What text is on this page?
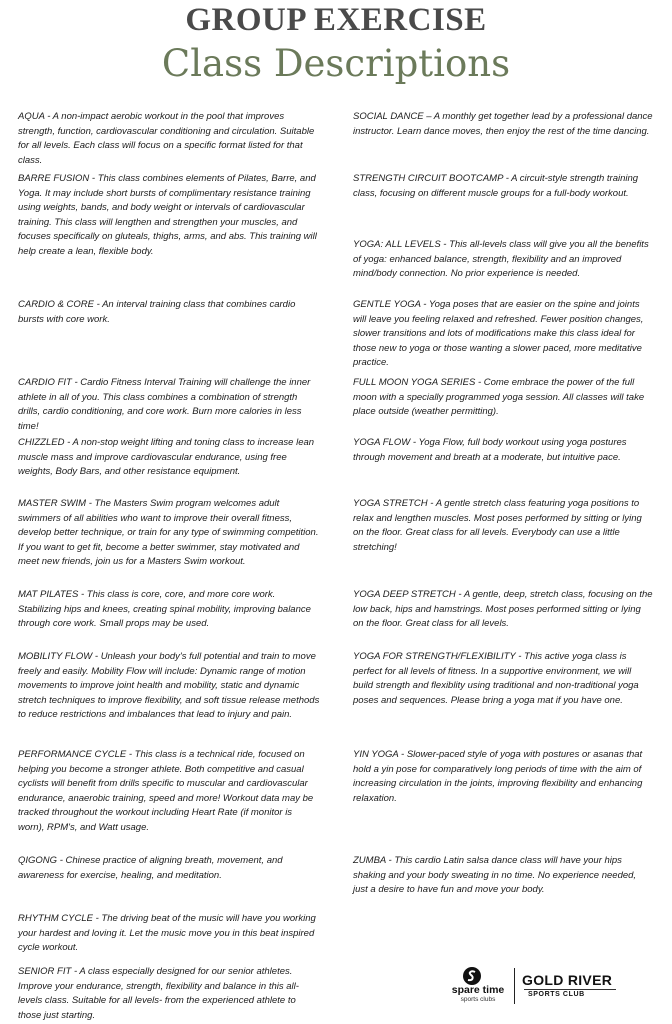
GROUP EXERCISE
Class Descriptions

AQUA - A non-impact aerobic workout in the pool that improves strength, function, cardiovascular conditioning and circulation. Suitable for all levels. Each class will focus on a specific format listed for that class.

BARRE FUSION - This class combines elements of Pilates, Barre, and Yoga. It may include short bursts of complimentary resistance training using weights, bands, and body weight or intervals of cardiovascular training. This class will lengthen and strengthen your muscles, and focuses specifically on gluteals, thighs, arms, and abs. This training will help create a lean, flexible body.

CARDIO & CORE - An interval training class that combines cardio bursts with core work.

CARDIO FIT - Cardio Fitness Interval Training will challenge the inner athlete in all of you. This class combines a combination of strength drills, cardio conditioning, and core work. Burn more calories in less time!

CHIZZLED - A non-stop weight lifting and toning class to increase lean muscle mass and improve cardiovascular endurance, using free weights, Body Bars, and other resistance equipment.

MASTER SWIM - The Masters Swim program welcomes adult swimmers of all abilities who want to improve their overall fitness, develop better technique, or train for any type of swimming competition. If you want to get fit, become a better swimmer, stay motivated and meet new friends, join us for a Masters Swim workout.

MAT PILATES - This class is core, core, and more core work. Stabilizing hips and knees, creating spinal mobility, improving balance through core work. Small props may be used.

MOBILITY FLOW - Unleash your body's full potential and train to move freely and easily. Mobility Flow will include: Dynamic range of motion movements to improve joint health and mobility, static and dynamic stretch techniques to improve flexibility, and soft tissue release methods to reduce restrictions and imbalances that lead to injury and pain.

PERFORMANCE CYCLE - This class is a technical ride, focused on helping you become a stronger athlete. Both competitive and casual cyclists will benefit from drills specific to muscular and cardiovascular endurance, anaerobic training, speed and more! Workout data may be tracked throughout the workout including Heart Rate (if monitor is worn), RPM's, and Watt usage.

QIGONG - Chinese practice of aligning breath, movement, and awareness for exercise, healing, and meditation.

RHYTHM CYCLE - The driving beat of the music will have you working your hardest and loving it. Let the music move you in this beat inspired cycle workout.

SENIOR FIT - A class especially designed for our senior athletes. Improve your endurance, strength, flexibility and balance in this all-levels class. Suitable for all levels- from the experienced athlete to those just starting.

SOCIAL DANCE – A monthly get together lead by a professional dance instructor. Learn dance moves, then enjoy the rest of the time dancing.

STRENGTH CIRCUIT BOOTCAMP - A circuit-style strength training class, focusing on different muscle groups for a full-body workout.

YOGA: ALL LEVELS - This all-levels class will give you all the benefits of yoga: enhanced balance, strength, flexibility and an improved mind/body connection. No prior experience is needed.

GENTLE YOGA - Yoga poses that are easier on the spine and joints will leave you feeling relaxed and refreshed. Fewer position changes, slower transitions and lots of modifications make this class ideal for those new to yoga or those wanting a slower paced, more meditative practice.

FULL MOON YOGA SERIES - Come embrace the power of the full moon with a specially programmed yoga session. All classes will take place outside (weather permitting).

YOGA FLOW - Yoga Flow, full body workout using yoga postures through movement and breath at a moderate, but intuitive pace.

YOGA STRETCH - A gentle stretch class featuring yoga positions to relax and lengthen muscles. Most poses performed by sitting or lying on the floor. Great class for all levels. Everybody can use a little stretching!

YOGA DEEP STRETCH - A gentle, deep, stretch class, focusing on the low back, hips and hamstrings. Most poses performed sitting or lying on the floor. Great class for all levels.

YOGA FOR STRENGTH/FLEXIBILITY - This active yoga class is perfect for all levels of fitness. In a supportive environment, we will build strength and flexiblity using traditional and non-traditional yoga poses and sequences. Please bring a yoga mat if you have one.

YIN YOGA - Slower-paced style of yoga with postures or asanas that hold a yin pose for comparatively long periods of time with the aim of increasing circulation in the joints, improving flexibility and enhancing relaxation.

ZUMBA - This cardio Latin salsa dance class will have your hips shaking and your body sweating in no time. No experience needed, just a desire to have fun and move your body.

spare time
sports clubs
GOLD RIVER
SPORTS CLUB
